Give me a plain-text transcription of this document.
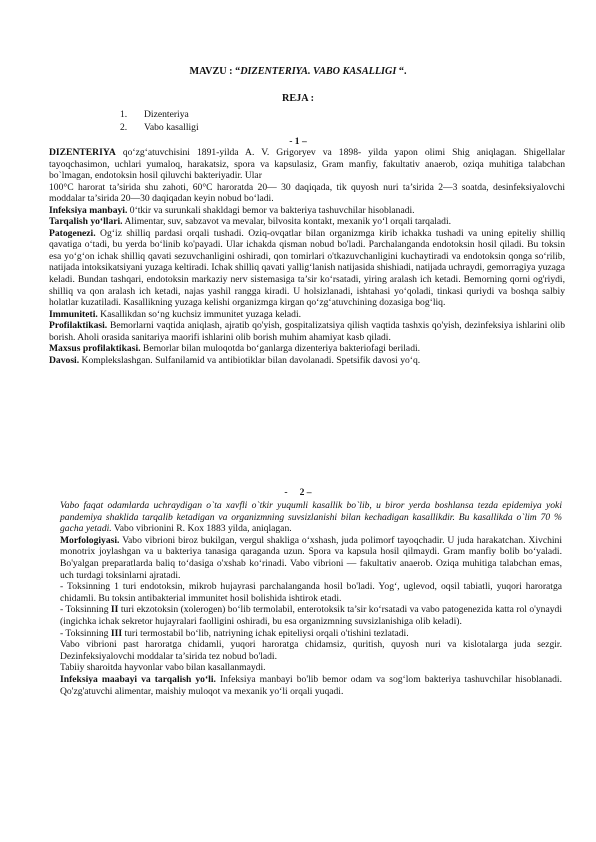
MAVZU : “DIZENTERIYA. VABO KASALLIGI “.
REJA :
1.	Dizenteriya
2.	Vabo kasalligi
- 1 –

DIZENTERIYA qo‘zg‘atuvchisini 1891-yilda A. V. Grigoryev va 1898- yilda yapon olimi Shig aniqlagan. Shigellalar tayoqchasimon, uchlari yumaloq, harakatsiz, spora va kapsulasiz, Gram manfiy, fakultativ anaerob, oziqa muhitiga talabchan bo`lmagan, endotoksin hosil qiluvchi bakteriyadir. Ular

100°C harorat ta’sirida shu zahoti, 60°C haroratda 20— 30 daqiqada, tik quyosh nuri ta’sirida 2—3 soatda, desinfeksiyalovchi moddalar ta’sirida 20—30 daqiqadan keyin nobud bo‘ladi.

Infeksiya manbayi. 0‘tkir va surunkali shakldagi bemor va bakteriya tashuvchilar hisoblanadi.

Tarqalish yo‘llari. Alimentar, suv, sabzavot va mevalar, bilvosita kontakt, mexanik yo‘l orqali tarqaladi.

Patogenezi. Og‘iz shilliq pardasi orqali tushadi. Oziq-ovqatlar bilan organizmga kirib ichakka tushadi va uning epiteliy shilliq qavatiga o‘tadi, bu yerda bo‘linib ko'payadi. Ular ichakda qisman nobud bo'ladi. Parchalanganda endotoksin hosil qiladi. Bu toksin esa yo‘g‘on ichak shilliq qavati sezuvchanligini oshiradi, qon tomirlari o'tkazuvchanligini kuchaytiradi va endotoksin qonga so‘rilib, natijada intoksikatsiyani yuzaga keltiradi. Ichak shilliq qavati yallig‘lanish natijasida shishiadi, natijada uchraydi, gemorragiya yuzaga keladi. Bundan tashqari, endotoksin markaziy nerv sistemasiga ta’sir ko‘rsatadi, yiring aralash ich ketadi. Bemorning qorni og'riydi, shilliq va qon aralash ich ketadi, najas yashil rangga kiradi. U holsizlanadi, ishtahasi yo‘qoladi, tinkasi quriydi va boshqa salbiy holatlar kuzatiladi. Kasallikning yuzaga kelishi organizmga kirgan qo‘zg‘atuvchining dozasiga bog‘liq.

Immuniteti. Kasallikdan so‘ng kuchsiz immunitet yuzaga keladi.

Profilaktikasi. Bemorlarni vaqtida aniqlash, ajratib qo'yish, gospitalizatsiya qilish vaqtida tashxis qo'yish, dezinfeksiya ishlarini olib borish. Aholi orasida sanitariya maorifi ishlarini olib borish muhim ahamiyat kasb qiladi.

Maxsus profilaktikasi. Bemorlar bilan muloqotda bo‘ganlarga dizenteriya bakteriofagi beriladi.

Davosi. Komplekslashgan. Sulfanilamid va antibiotiklar bilan davolanadi. Spetsifik davosi yo‘q.

-     2 –

Vabo faqat odamlarda uchraydigan o`ta xavfli o`tkir yuqumli kasallik bo`lib, u biror yerda boshlansa tezda epidemiya yoki pandemiya shaklida tarqalib ketadigan va organizmning suvsizlanishi bilan kechadigan kasallikdir. Bu kasallikda o`lim 70 % gacha yetadi. Vabo vibrionini R. Kox 1883 yilda, aniqlagan.

Morfologiyasi. Vabo vibrioni biroz bukilgan, vergul shakliga o‘xshash, juda polimorf tayoqchadir. U juda harakatchan. Xivchini monotrix joylashgan va u bakteriya tanasiga qaraganda uzun. Spora va kapsula hosil qilmaydi. Gram manfiy bolib bo‘yaladi. Bo'yalgan preparatlarda baliq to‘dasiga o'xshab ko‘rinadi. Vabo vibrioni — fakultativ anaerob. Oziqa muhitiga talabchan emas, uch turdagi toksinlarni ajratadi.

- Toksinning 1 turi endotoksin, mikrob hujayrasi parchalanganda hosil bo'ladi. Yog‘, uglevod, oqsil tabiatli, yuqori haroratga chidamli. Bu toksin antibakterial immunitet hosil bolishida ishtirok etadi.

- Toksinning II turi ekzotoksin (xolerogen) bo‘lib termolabil, enterotoksik ta’sir ko‘rsatadi va vabo patogenezida katta rol o'ynaydi (ingichka ichak sekretor hujayralari faolligini oshiradi, bu esa organizmning suvsizlanishiga olib keladi).

- Toksinning III turi termostabil bo‘lib, natriyning ichak epiteliysi orqali o'tishini tezlatadi.

Vabo vibrioni past haroratga chidamli, yuqori haroratga chidamsiz, quritish, quyosh nuri va kislotalarga juda sezgir. Dezinfeksiyalovchi moddalar ta’sirida tez nobud bo'ladi.

Tabiiy sharoitda hayvonlar vabo bilan kasallanmaydi.

Infeksiya maabayi va tarqalish yo‘li. Infeksiya manbayi bo'lib bemor odam va sog‘lom bakteriya tashuvchilar hisoblanadi. Qo'zg'atuvchi alimentar, maishiy muloqot va mexanik yo‘li orqali yuqadi.
